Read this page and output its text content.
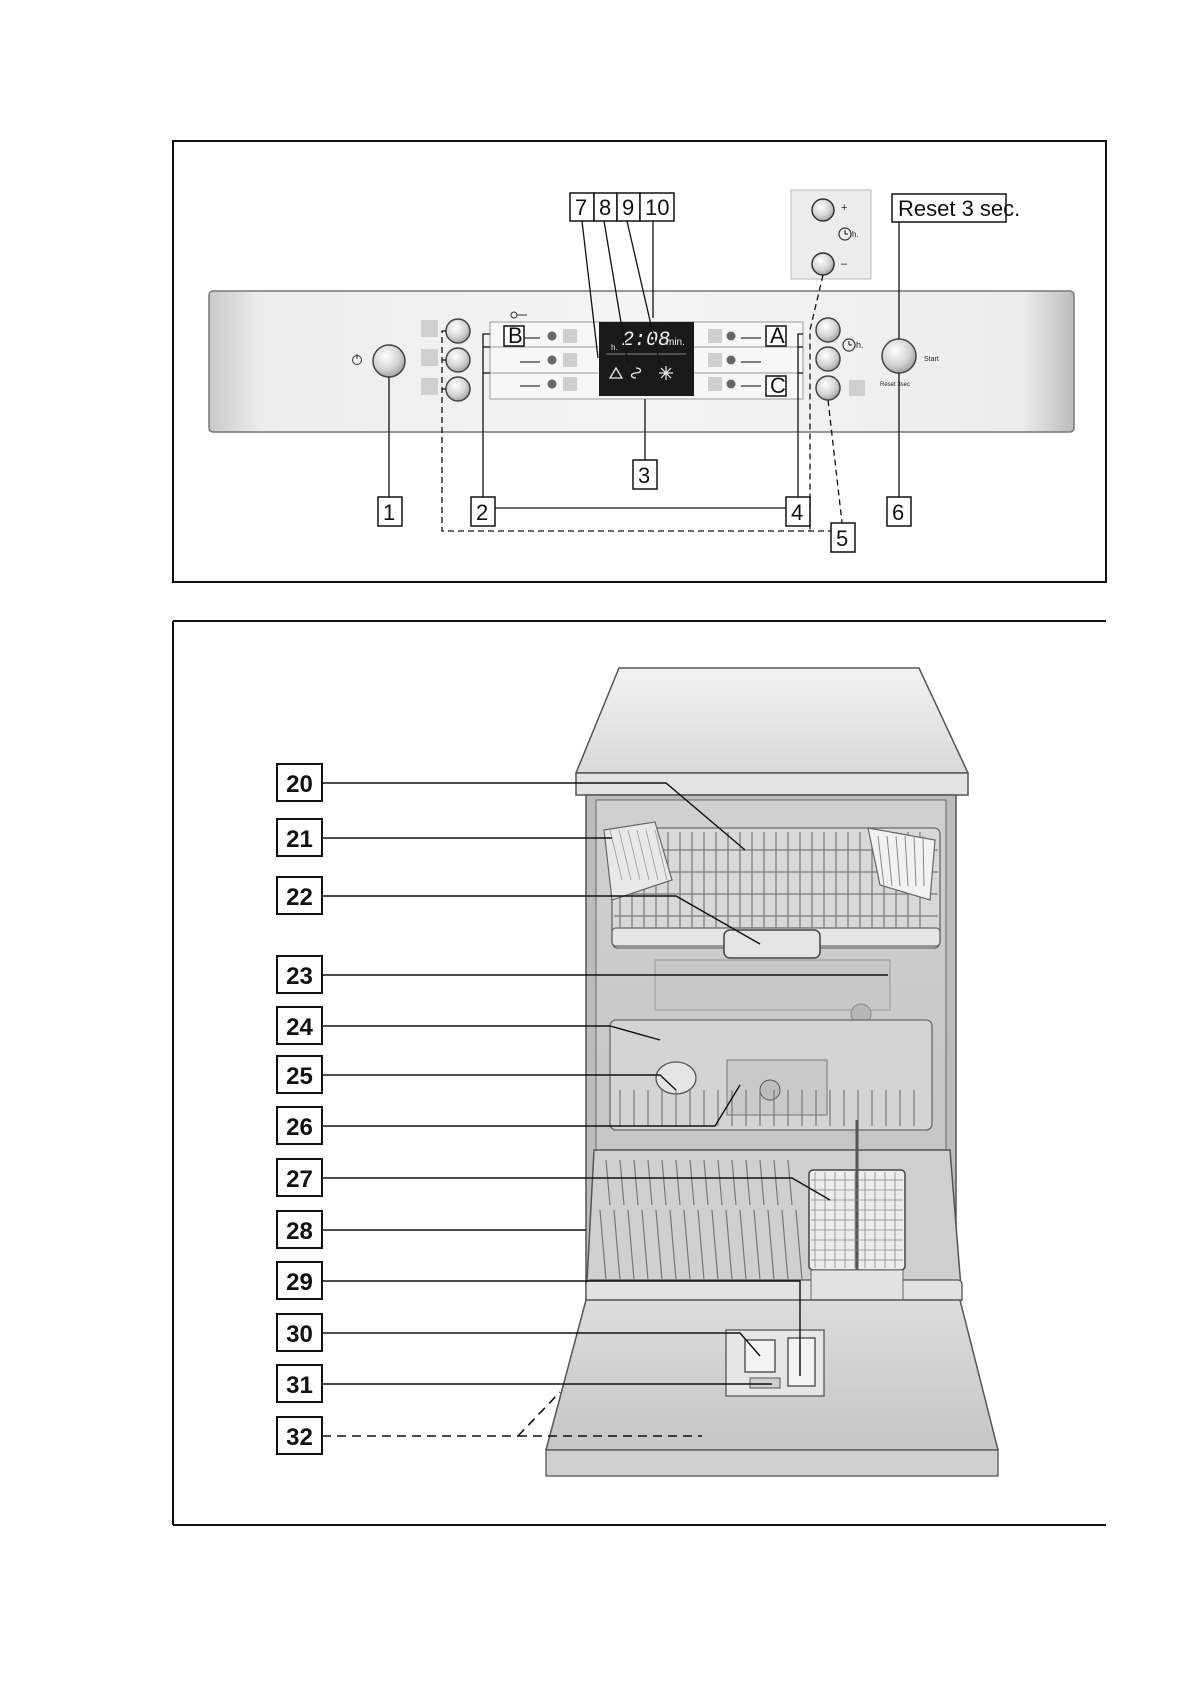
+
h.
–
Reset 3 sec.
B	A
C
h. 2:08
min.	h.
Start
Reset 3sec
1	2
3
4
5
6
7 8 9 10
20
21
22
23
24
25
26
27
28
29
30
31
32
